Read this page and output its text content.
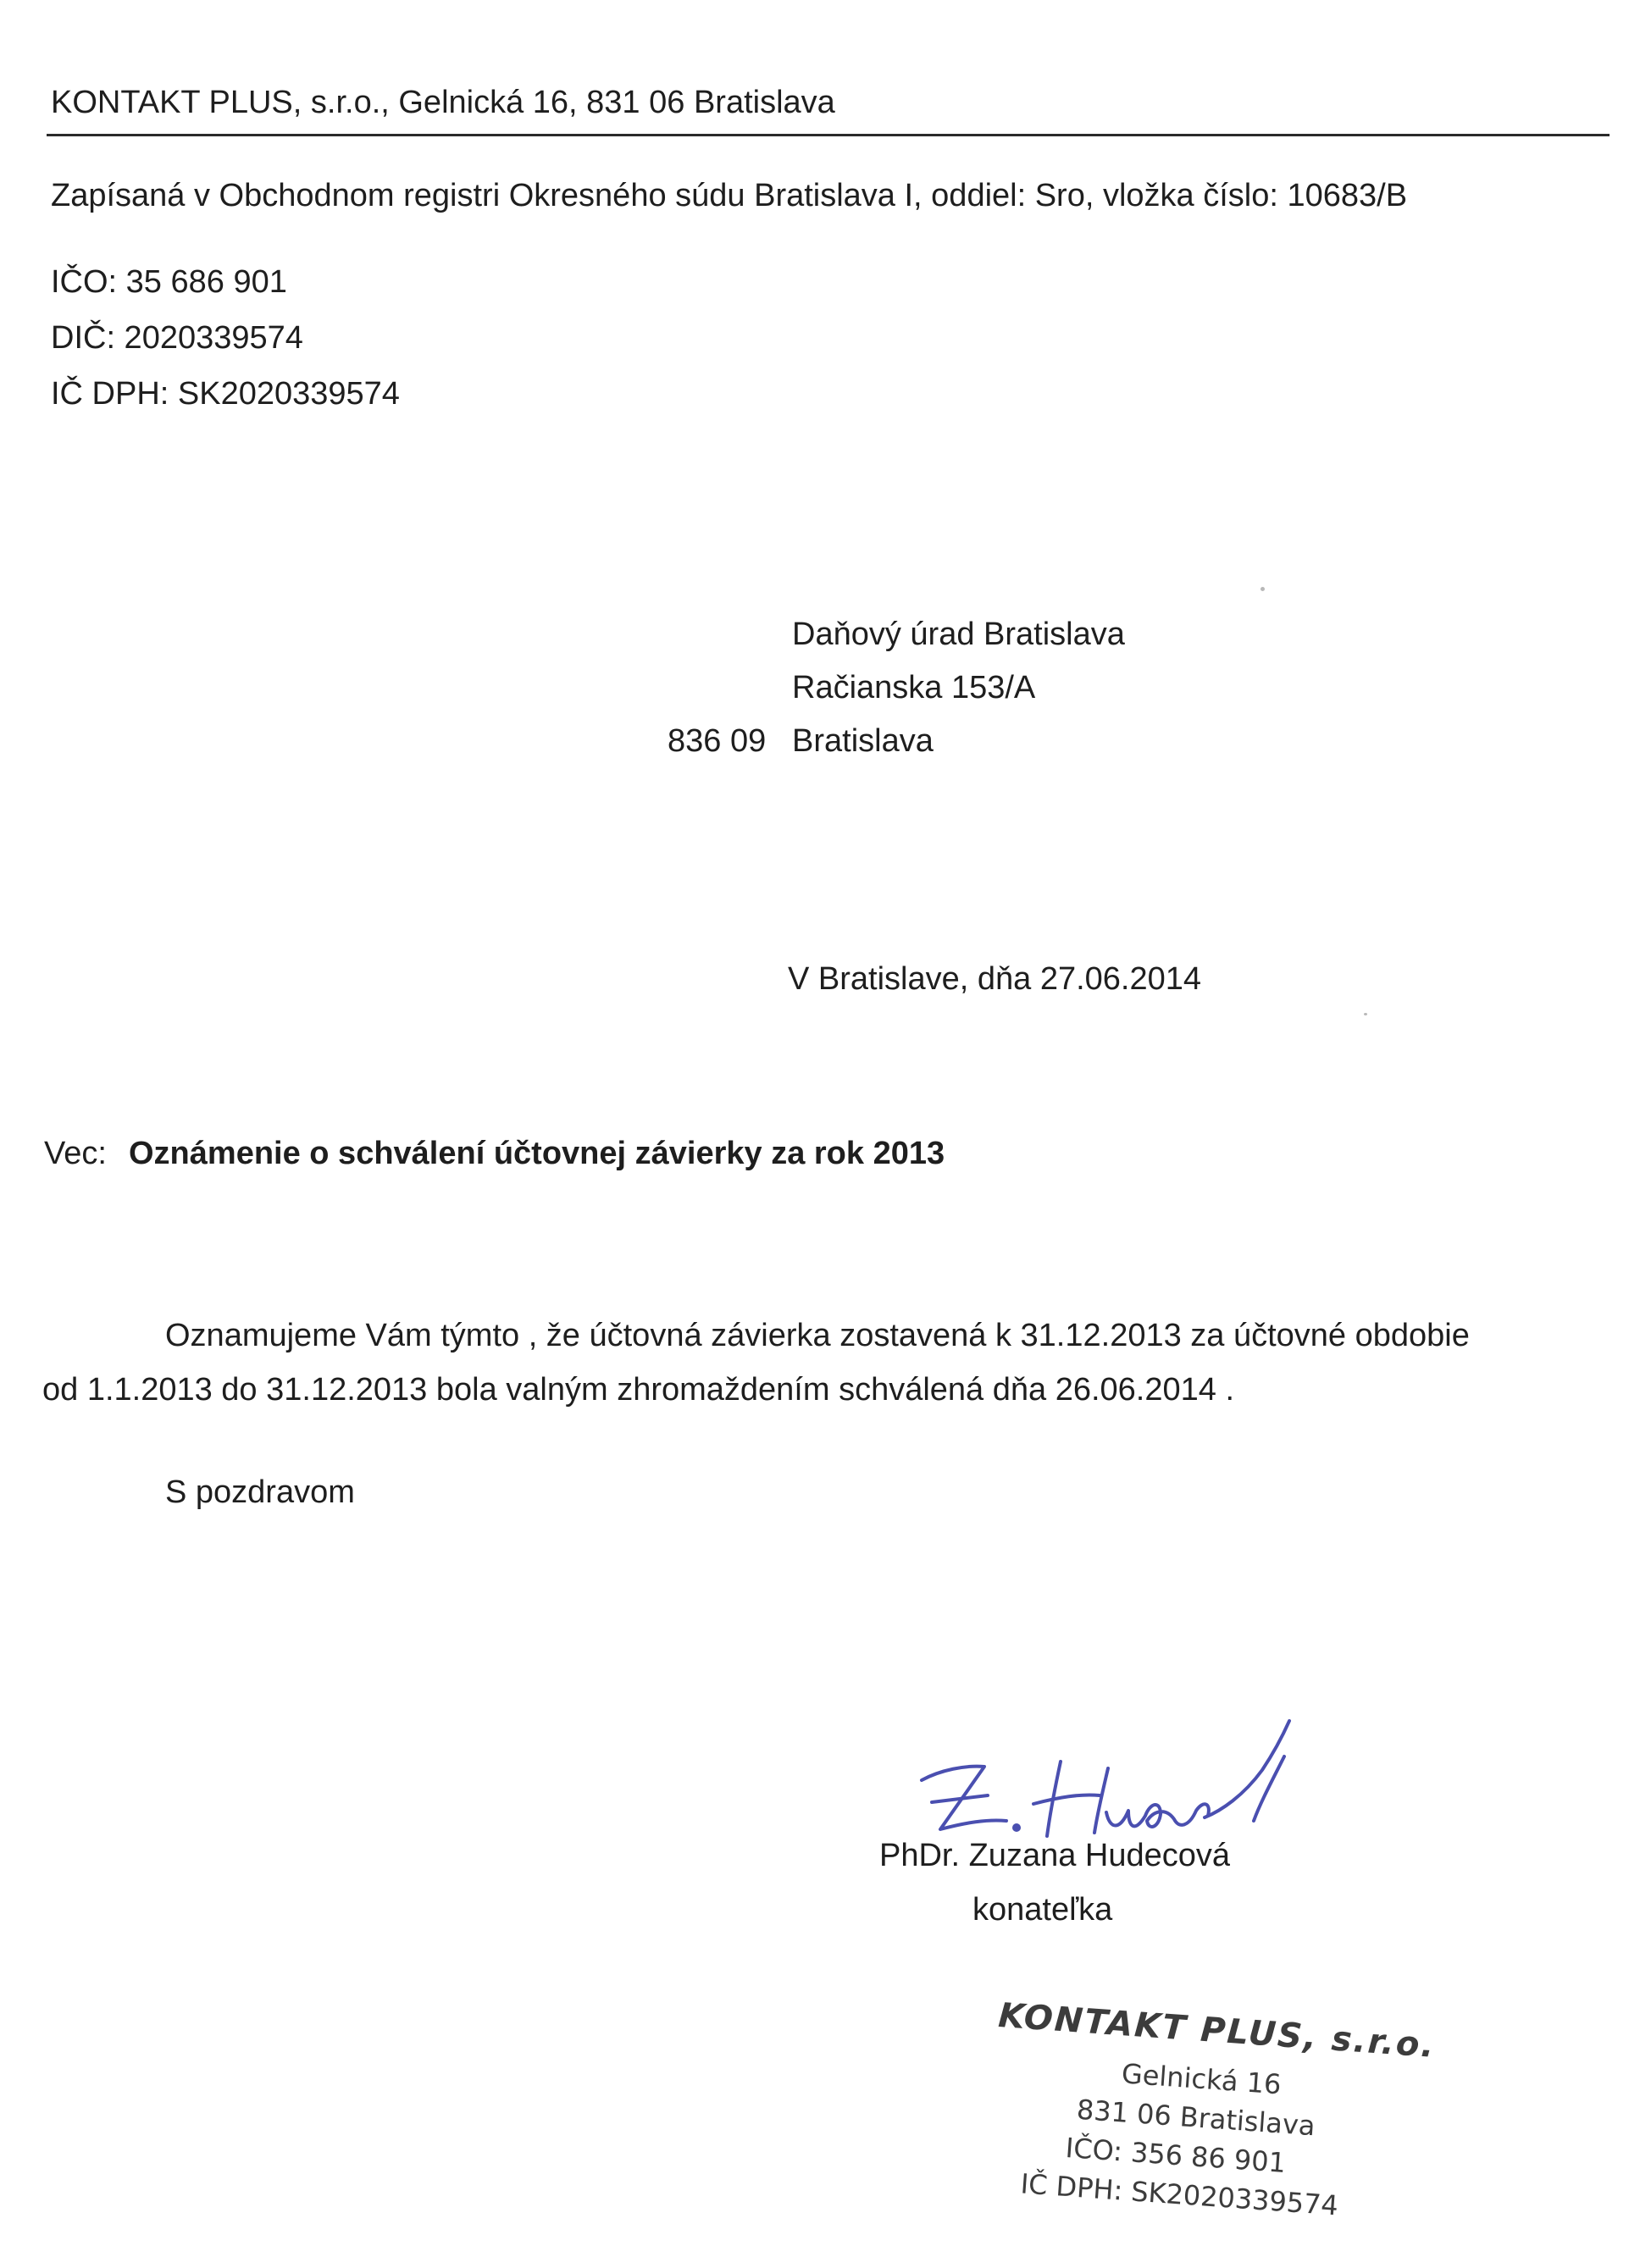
KONTAKT PLUS, s.r.o., Gelnická 16, 831 06 Bratislava
Zapísaná v Obchodnom registri Okresného súdu Bratislava I, oddiel: Sro, vložka číslo: 10683/B
IČO: 35 686 901
DIČ: 2020339574
IČ DPH: SK2020339574
Daňový úrad Bratislava
Račianska 153/A
836 09 Bratislava
V Bratislave, dňa 27.06.2014
Vec: Oznámenie o schválení účtovnej závierky za rok 2013
Oznamujeme Vám týmto , že účtovná závierka zostavená k 31.12.2013 za účtovné obdobie
od 1.1.2013 do 31.12.2013 bola valným zhromaždením schválená dňa 26.06.2014 .
S pozdravom
PhDr. Zuzana Hudecová
konateľka
KONTAKT PLUS, s.r.o.
Gelnická 16
831 06 Bratislava
IČO: 356 86 901
IČ DPH: SK2020339574
